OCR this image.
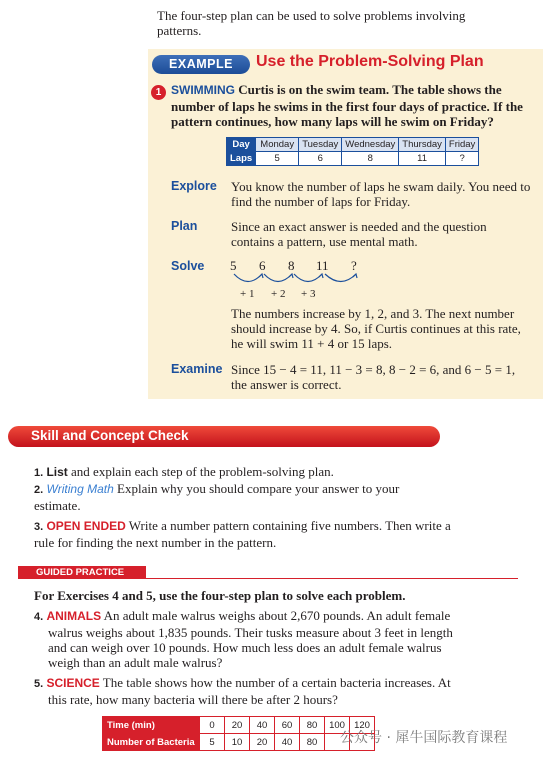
The four-step plan can be used to solve problems involving patterns.

EXAMPLE	Use the Problem-Solving Plan
1 SWIMMING Curtis is on the swim team. The table shows the number of laps he swims in the first four days of practice. If the pattern continues, how many laps will he swim on Friday?

Day	Monday	Tuesday	Wednesday	Thursday	Friday
Laps	5	6	8	11	?
Explore You know the number of laps he swam daily. You need to find the number of laps for Friday.

Plan	Since an exact answer is needed and the question contains a pattern, use mental math.

Solve 5 6 8 11 ?
+ 1 + 2 + 3

The numbers increase by 1, 2, and 3. The next number should increase by 4. So, if Curtis continues at this rate, he will swim 11 + 4 or 15 laps.

Examine Since 15 − 4 = 11, 11 − 3 = 8, 8 − 2 = 6, and 6 − 5 = 1, the answer is correct.

Skill and Concept Check

1. List and explain each step of the problem-solving plan.

2. Writing Math Explain why you should compare your answer to your estimate.

3. OPEN ENDED Write a number pattern containing five numbers. Then write a rule for finding the next number in the pattern.

GUIDED PRACTICE

For Exercises 4 and 5, use the four-step plan to solve each problem.

4. ANIMALS An adult male walrus weighs about 2,670 pounds. An adult female walrus weighs about 1,835 pounds. Their tusks measure about 3 feet in length and can weigh over 10 pounds. How much less does an adult female walrus weigh than an adult male walrus?

5. SCIENCE The table shows how the number of a certain bacteria increases. At this rate, how many bacteria will there be after 2 hours?

Time (min)	0	20	40	60	80	100	120
Number of Bacteria	5	10	20	40	80		公众号 · 犀牛国际教育课程
